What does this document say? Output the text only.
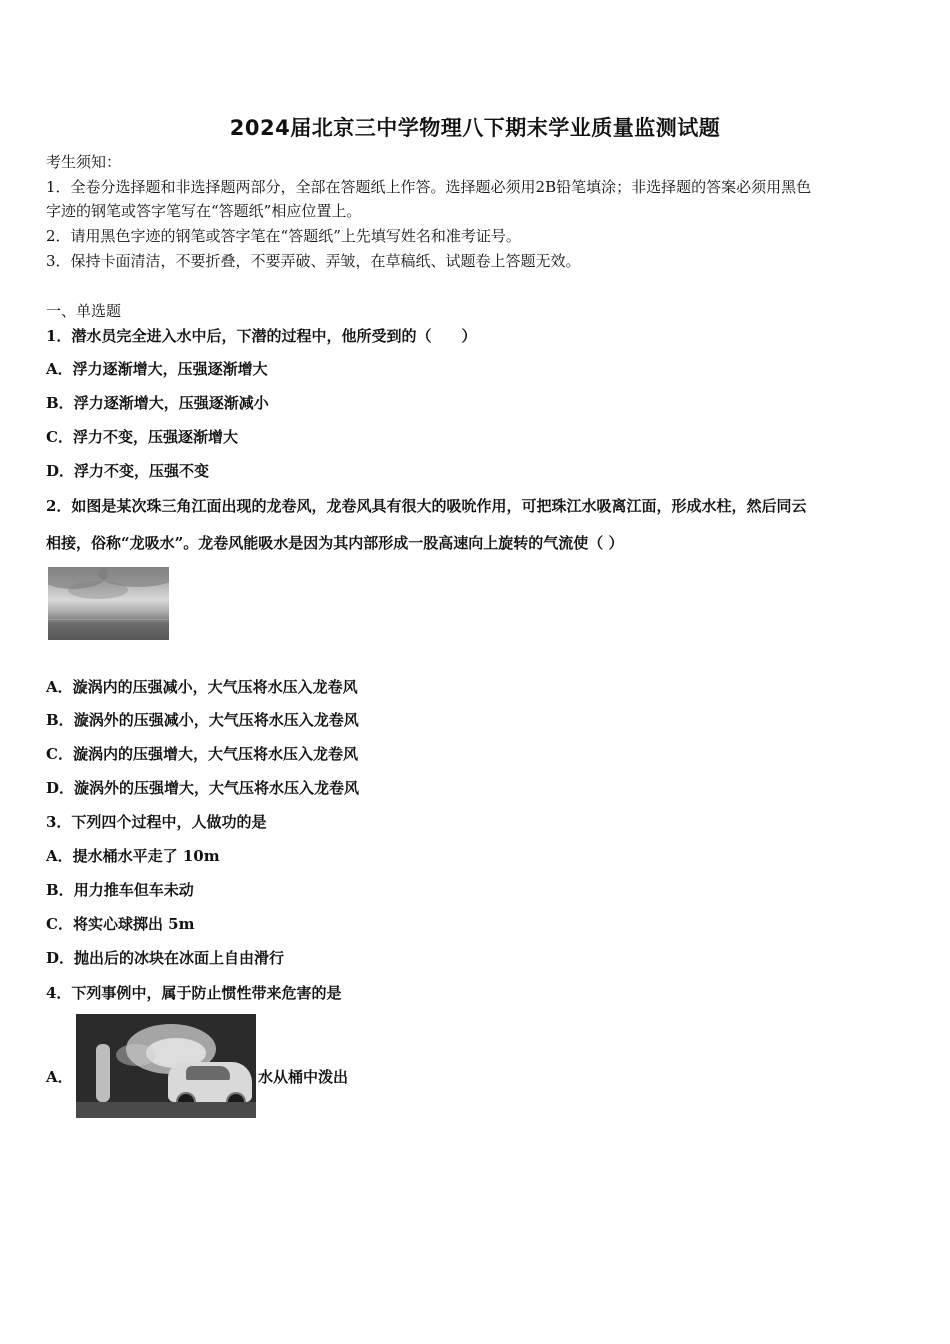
2024届北京三中学物理八下期末学业质量监测试题
考生须知：
1．全卷分选择题和非选择题两部分，全部在答题纸上作答。选择题必须用2B铅笔填涂；非选择题的答案必须用黑色
字迹的钢笔或答字笔写在“答题纸”相应位置上。
2．请用黑色字迹的钢笔或答字笔在“答题纸”上先填写姓名和准考证号。
3．保持卡面清洁，不要折叠，不要弄破、弄皱，在草稿纸、试题卷上答题无效。
一、单选题
1．潜水员完全进入水中后，下潜的过程中，他所受到的（　　）
A．浮力逐渐增大，压强逐渐增大
B．浮力逐渐增大，压强逐渐减小
C．浮力不变，压强逐渐增大
D．浮力不变，压强不变
2．如图是某次珠三角江面出现的龙卷风，龙卷风具有很大的吸吮作用，可把珠江水吸离江面，形成水柱，然后同云
相接，俗称“龙吸水”。龙卷风能吸水是因为其内部形成一股高速向上旋转的气流使（ ）
A．漩涡内的压强减小，大气压将水压入龙卷风
B．漩涡外的压强减小，大气压将水压入龙卷风
C．漩涡内的压强增大，大气压将水压入龙卷风
D．漩涡外的压强增大，大气压将水压入龙卷风
3．下列四个过程中，人做功的是
A．提水桶水平走了 10m
B．用力推车但车未动
C．将实心球掷出 5m
D．抛出后的冰块在冰面上自由滑行
4．下列事例中，属于防止惯性带来危害的是
A．	水从桶中泼出
